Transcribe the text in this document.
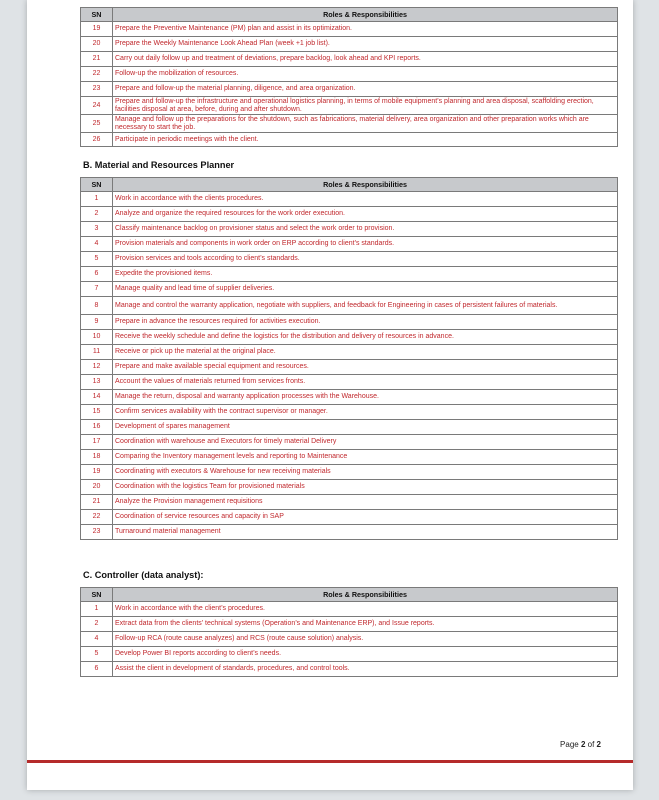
SN	Roles & Responsibilities
19	Prepare the Preventive Maintenance (PM) plan and assist in its optimization.
20	Prepare the Weekly Maintenance Look Ahead Plan (week +1 job list).
21	Carry out daily follow up and treatment of deviations, prepare backlog, look ahead and KPI reports.
22	Follow-up the mobilization of resources.
23	Prepare and follow-up the material planning, diligence, and area organization.
24	Prepare and follow-up the infrastructure and operational logistics planning, in terms of mobile equipment’s planning and area disposal, scaffolding erection, facilities disposal at area, before, during and after shutdown.
25	Manage and follow up the preparations for the shutdown, such as fabrications, material delivery, area organization and other preparation works which are necessary to start the job.
26	Participate in periodic meetings with the client.
B. Material and Resources Planner
SN	Roles & Responsibilities
1	Work in accordance with the clients procedures.
2	Analyze and organize the required resources for the work order execution.
3	Classify maintenance backlog on provisioner status and select the work order to provision.
4	Provision materials and components in work order on ERP according to client’s standards.
5	Provision services and tools according to client’s standards.
6	Expedite the provisioned items.
7	Manage quality and lead time of supplier deliveries.
8	Manage and control the warranty application, negotiate with suppliers, and feedback for Engineering in cases of persistent failures of materials.
9	Prepare in advance the resources required for activities execution.
10	Receive the weekly schedule and define the logistics for the distribution and delivery of resources in advance.
11	Receive or pick up the material at the original place.
12	Prepare and make available special equipment and resources.
13	Account the values of materials returned from services fronts.
14	Manage the return, disposal and warranty application processes with the Warehouse.
15	Confirm services availability with the contract supervisor or manager.
16	Development of spares management
17	Coordination with warehouse and Executors for timely material Delivery
18	Comparing the Inventory management levels and reporting to Maintenance
19	Coordinating with executors & Warehouse for new receiving materials
20	Coordination with the logistics Team for provisioned materials
21	Analyze the Provision management requisitions
22	Coordination of service resources and capacity in SAP
23	Turnaround material management
C. Controller (data analyst):
SN	Roles & Responsibilities
1	Work in accordance with the client’s procedures.
2	Extract data from the clients’ technical systems (Operation’s and Maintenance ERP), and Issue reports.
4	Follow-up RCA (route cause analyzes) and RCS (route cause solution) analysis.
5	Develop Power BI reports according to client’s needs.
6	Assist the client in development of standards, procedures, and control tools.
Page 2 of 2
